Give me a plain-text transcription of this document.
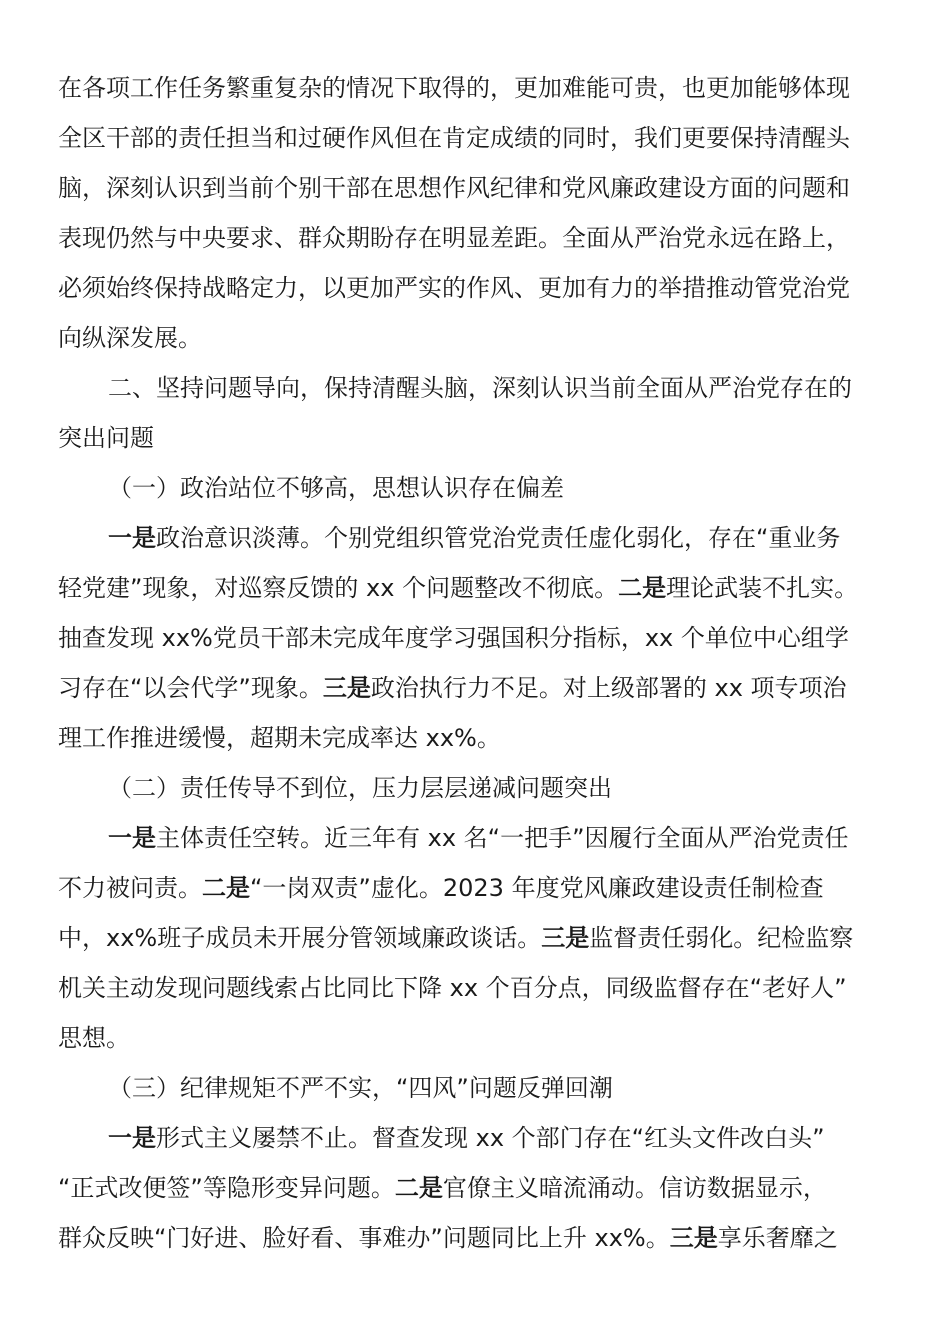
在各项工作任务繁重复杂的情况下取得的，更加难能可贵，也更加能够体现
全区干部的责任担当和过硬作风但在肯定成绩的同时，我们更要保持清醒头
脑，深刻认识到当前个别干部在思想作风纪律和党风廉政建设方面的问题和
表现仍然与中央要求、群众期盼存在明显差距。全面从严治党永远在路上，
必须始终保持战略定力，以更加严实的作风、更加有力的举措推动管党治党
向纵深发展。
二、坚持问题导向，保持清醒头脑，深刻认识当前全面从严治党存在的
突出问题
（一）政治站位不够高，思想认识存在偏差
一是政治意识淡薄。个别党组织管党治党责任虚化弱化，存在“重业务
轻党建”现象，对巡察反馈的 xx 个问题整改不彻底。二是理论武装不扎实。
抽查发现 xx%党员干部未完成年度学习强国积分指标，xx 个单位中心组学
习存在“以会代学”现象。三是政治执行力不足。对上级部署的 xx 项专项治
理工作推进缓慢，超期未完成率达 xx%。
（二）责任传导不到位，压力层层递减问题突出
一是主体责任空转。近三年有 xx 名“一把手”因履行全面从严治党责任
不力被问责。二是“一岗双责”虚化。2023 年度党风廉政建设责任制检查
中，xx%班子成员未开展分管领域廉政谈话。三是监督责任弱化。纪检监察
机关主动发现问题线索占比同比下降 xx 个百分点，同级监督存在“老好人”
思想。
（三）纪律规矩不严不实，“四风”问题反弹回潮
一是形式主义屡禁不止。督查发现 xx 个部门存在“红头文件改白头”
“正式改便签”等隐形变异问题。二是官僚主义暗流涌动。信访数据显示，
群众反映“门好进、脸好看、事难办”问题同比上升 xx%。三是享乐奢靡之
